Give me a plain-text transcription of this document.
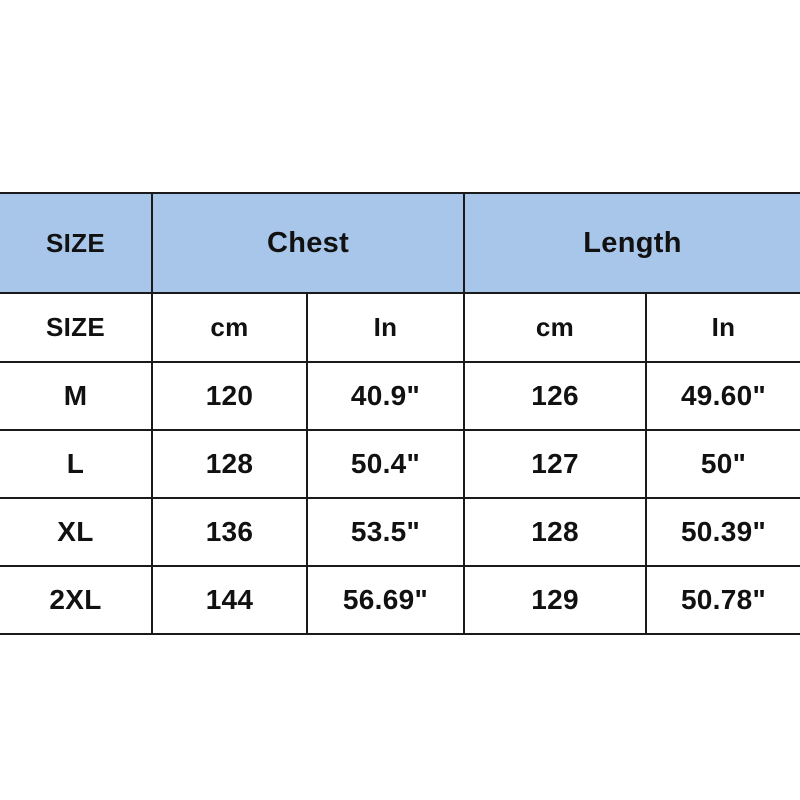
SIZE	Chest		Length	
SIZE	cm	In	cm	In
M	120	40.9"	126	49.60"
L	128	50.4"	127	50"
XL	136	53.5"	128	50.39"
2XL	144	56.69"	129	50.78"
